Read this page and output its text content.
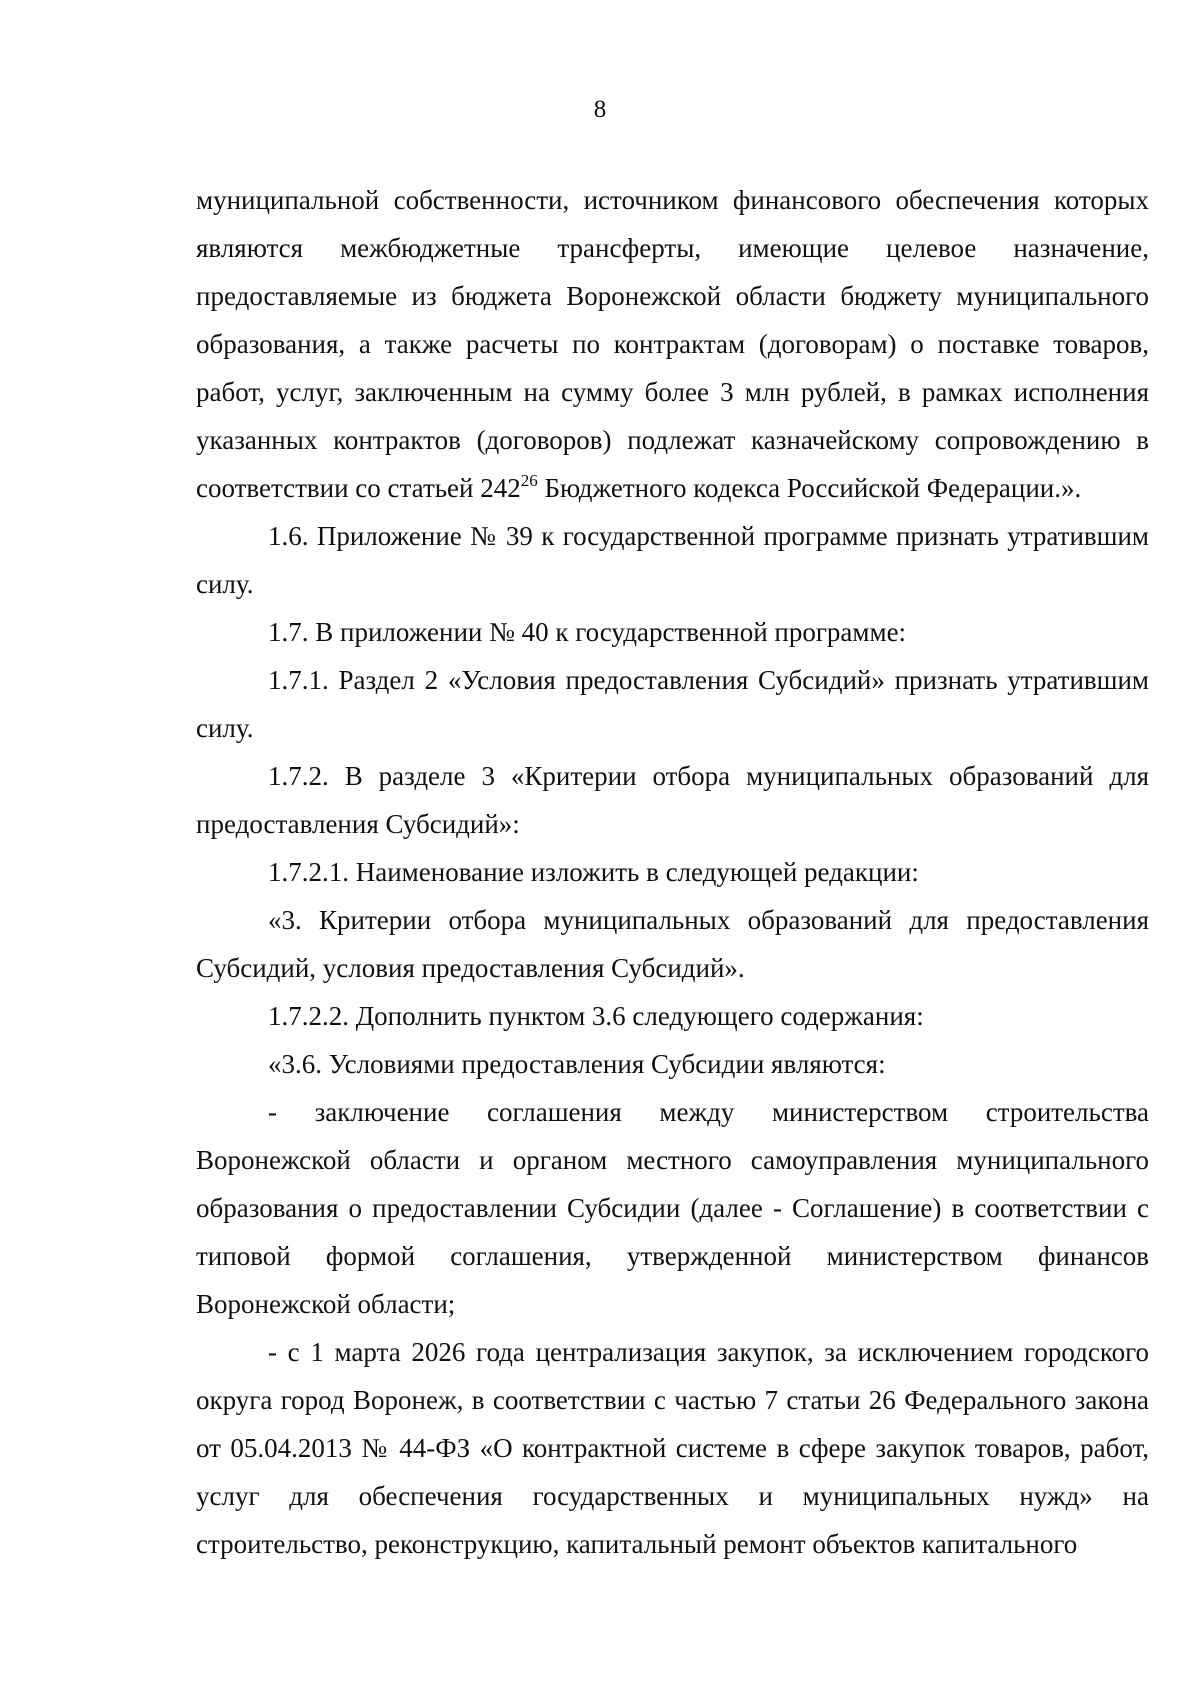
8

муниципальной собственности, источником финансового обеспечения которых являются межбюджетные трансферты, имеющие целевое назначение, предоставляемые из бюджета Воронежской области бюджету муниципального образования, а также расчеты по контрактам (договорам) о поставке товаров, работ, услуг, заключенным на сумму более 3 млн рублей, в рамках исполнения указанных контрактов (договоров) подлежат казначейскому сопровождению в соответствии со статьей $242^{26}$ Бюджетного кодекса Российской Федерации.».

1.6. Приложение № 39 к государственной программе признать утратившим силу.

1.7. В приложении № 40 к государственной программе:

1.7.1. Раздел 2 «Условия предоставления Субсидий» признать утратившим силу.

1.7.2. В разделе 3 «Критерии отбора муниципальных образований для предоставления Субсидий»:

1.7.2.1. Наименование изложить в следующей редакции:

«3. Критерии отбора муниципальных образований для предоставления Субсидий, условия предоставления Субсидий».

1.7.2.2. Дополнить пунктом 3.6 следующего содержания:

«3.6. Условиями предоставления Субсидии являются:

- заключение соглашения между министерством строительства Воронежской области и органом местного самоуправления муниципального образования о предоставлении Субсидии (далее - Соглашение) в соответствии с типовой формой соглашения, утвержденной министерством финансов Воронежской области;

- с 1 марта 2026 года централизация закупок, за исключением городского округа город Воронеж, в соответствии с частью 7 статьи 26 Федерального закона от 05.04.2013 № 44-ФЗ «О контрактной системе в сфере закупок товаров, работ, услуг для обеспечения государственных и муниципальных нужд» на строительство, реконструкцию, капитальный ремонт объектов капитального
